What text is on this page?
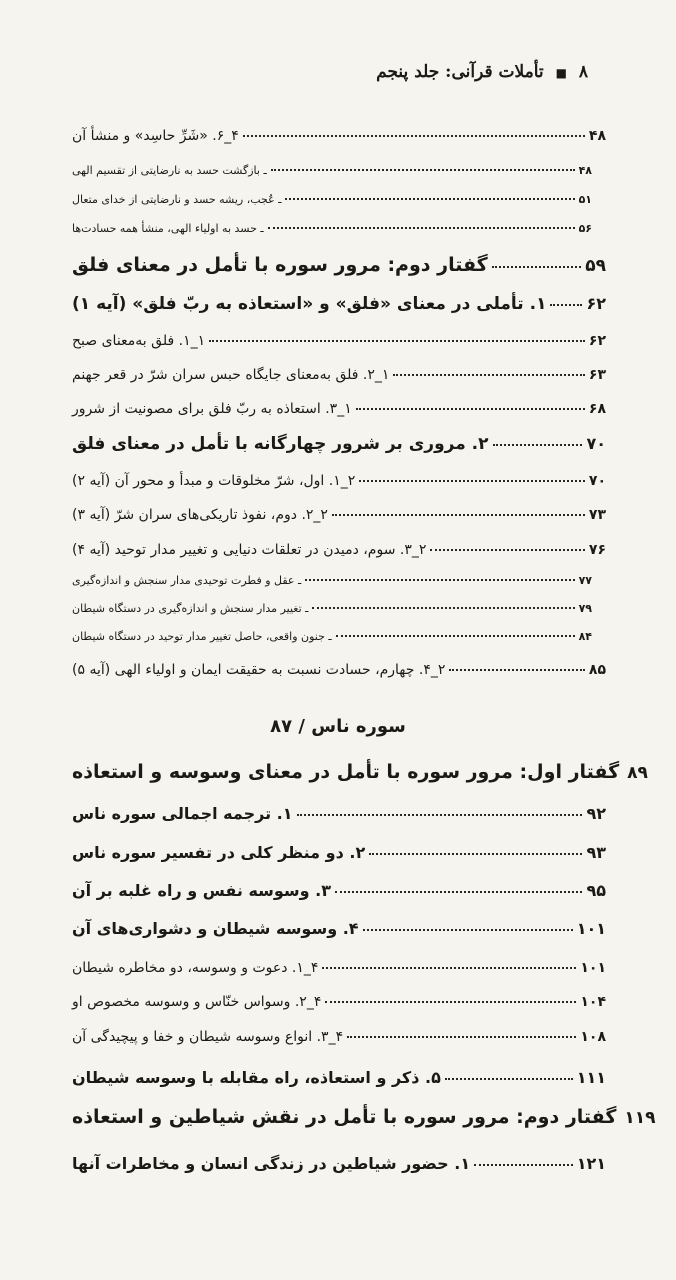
۸ ■ تأملات قرآنی: جلد پنجم
۴_۶. «شَرِّ حاسِد» و منشأ آن	۴۸
ـ بازگشت حسد به نارضایتی از تقسیم الهی	۴۸
ـ عُجب، ریشه حسد و نارضایتی از خدای متعال	۵۱
ـ حسد به اولیاء الهی، منشأ همه حسادت‌ها	۵۶
گفتار دوم: مرور سوره با تأمل در معنای فلق	۵۹
۱. تأملی در معنای «فلق» و «استعاذه به ربّ فلق» (آیه ۱)	۶۲
۱_۱. فلق به‌معنای صبح	۶۲
۱_۲. فلق به‌معنای جایگاه حبس سران شرّ در قعر جهنم	۶۳
۱_۳. استعاذه به ربّ فلق برای مصونیت از شرور	۶۸
۲. مروری بر شرور چهارگانه با تأمل در معنای فلق	۷۰
۲_۱. اول، شرّ مخلوقات و مبدأ و محور آن (آیه ۲)	۷۰
۲_۲. دوم، نفوذ تاریکی‌های سران شرّ (آیه ۳)	۷۳
۲_۳. سوم، دمیدن در تعلقات دنیایی و تغییر مدار توحید (آیه ۴)	۷۶
ـ عقل و فطرت توحیدی مدار سنجش و اندازه‌گیری	۷۷
ـ تغییر مدار سنجش و اندازه‌گیری در دستگاه شیطان	۷۹
ـ جنون واقعی، حاصل تغییر مدار توحید در دستگاه شیطان	۸۴
۲_۴. چهارم، حسادت نسبت به حقیقت ایمان و اولیاء الهی (آیه ۵)	۸۵
سوره ناس / ۸۷
گفتار اول: مرور سوره با تأمل در معنای وسوسه و استعاذه ۸۹
۱. ترجمه اجمالی سوره ناس	۹۲
۲. دو منظر کلی در تفسیر سوره ناس	۹۳
۳. وسوسه نفس و راه غلبه بر آن	۹۵
۴. وسوسه شیطان و دشواری‌های آن	۱۰۱
۴_۱. دعوت و وسوسه، دو مخاطره شیطان	۱۰۱
۴_۲. وسواس خنّاس و وسوسه مخصوص او	۱۰۴
۴_۳. انواع وسوسه شیطان و خفا و پیچیدگی آن	۱۰۸
۵. ذکر و استعاذه، راه مقابله با وسوسه شیطان	۱۱۱
گفتار دوم: مرور سوره با تأمل در نقش شیاطین و استعاذه ۱۱۹
۱. حضور شیاطین در زندگی انسان و مخاطرات آنها	۱۲۱
